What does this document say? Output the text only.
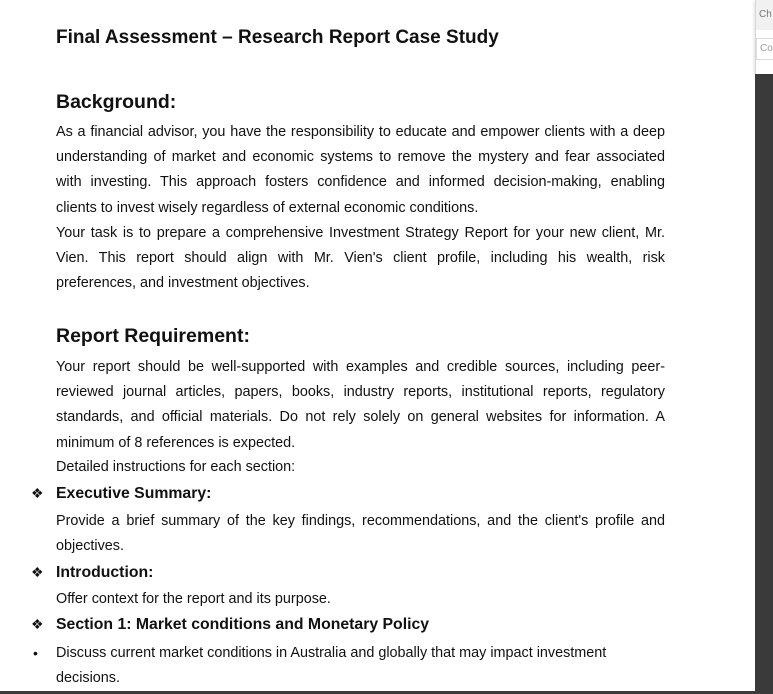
Final Assessment – Research Report Case Study
Background:
As a financial advisor, you have the responsibility to educate and empower clients with a deep understanding of market and economic systems to remove the mystery and fear associated with investing. This approach fosters confidence and informed decision-making, enabling clients to invest wisely regardless of external economic conditions.
Your task is to prepare a comprehensive Investment Strategy Report for your new client, Mr. Vien. This report should align with Mr. Vien's client profile, including his wealth, risk preferences, and investment objectives.
Report Requirement:
Your report should be well-supported with examples and credible sources, including peer-reviewed journal articles, papers, books, industry reports, institutional reports, regulatory standards, and official materials. Do not rely solely on general websites for information. A minimum of 8 references is expected.
Detailed instructions for each section:
❖ Executive Summary:
Provide a brief summary of the key findings, recommendations, and the client's profile and objectives.
❖ Introduction:
Offer context for the report and its purpose.
❖ Section 1: Market conditions and Monetary Policy
• Discuss current market conditions in Australia and globally that may impact investment decisions.
Ch
Co
